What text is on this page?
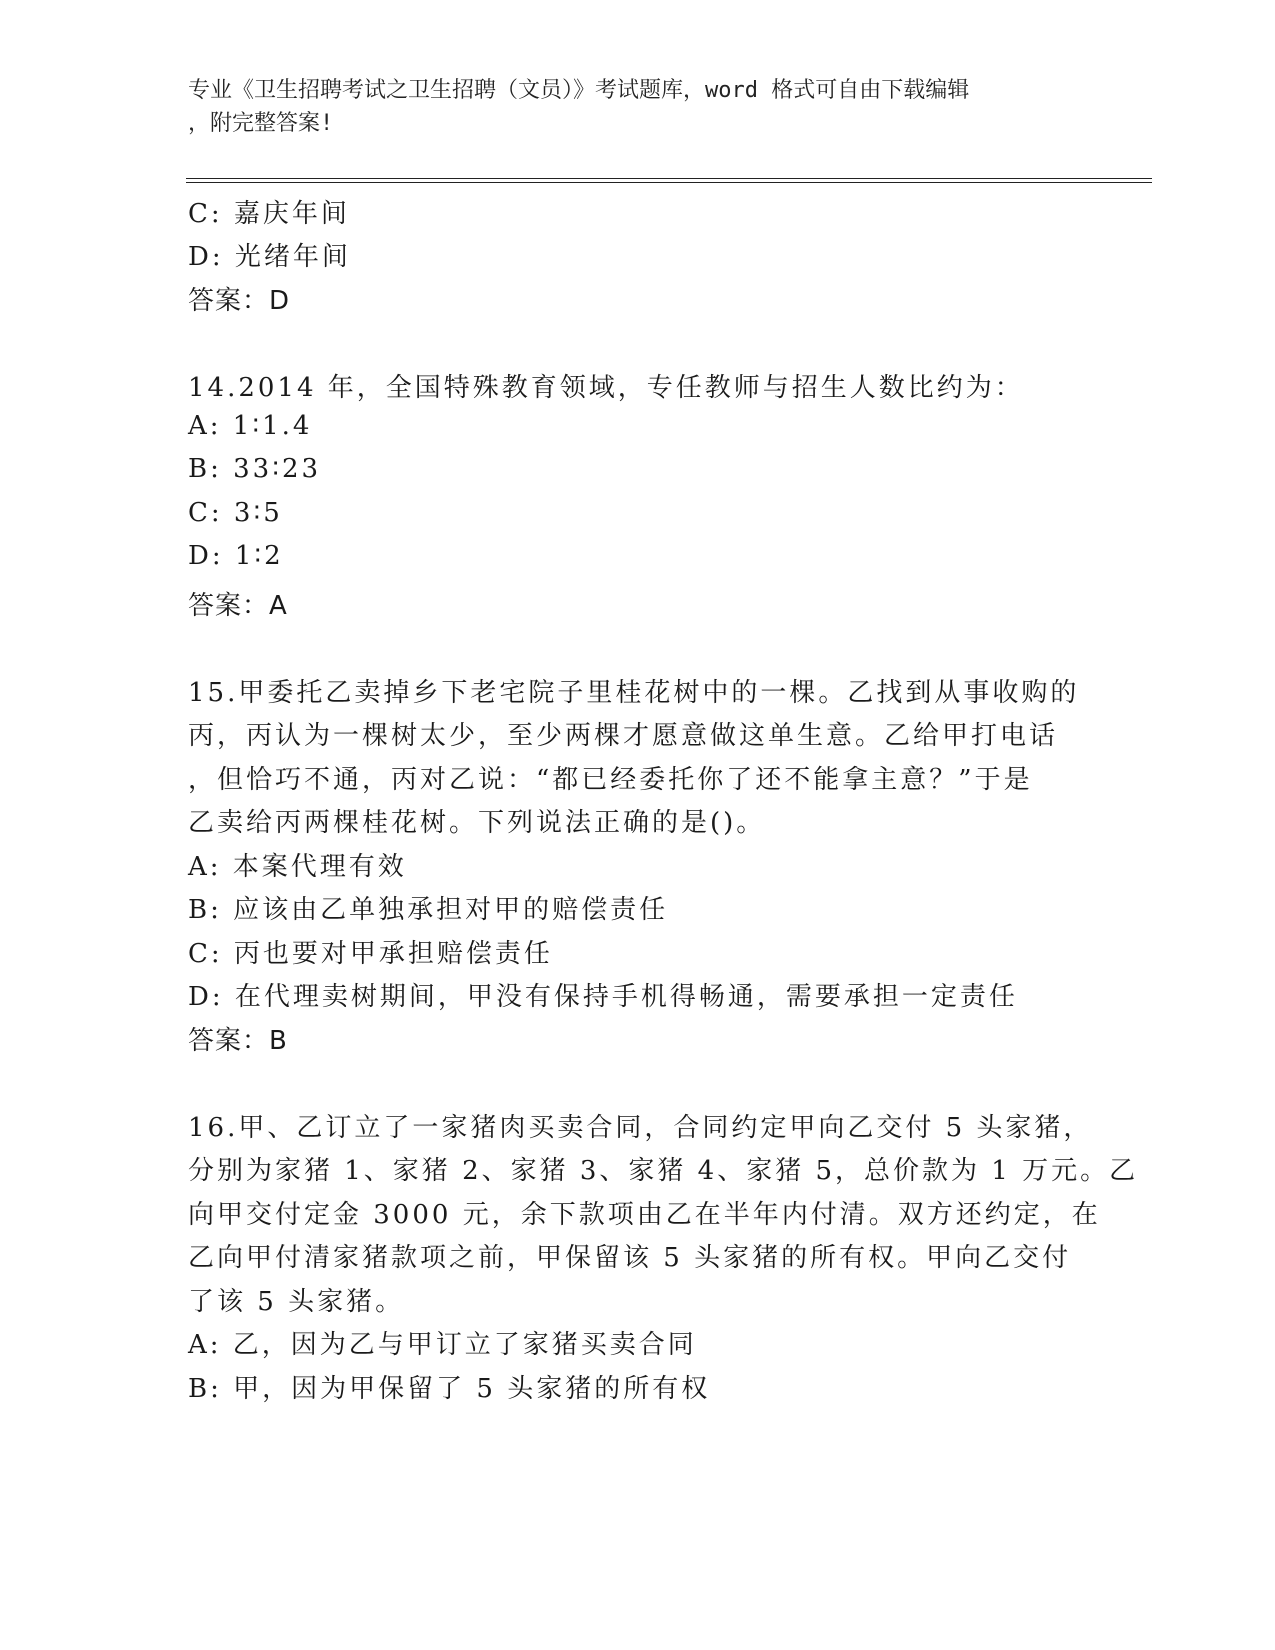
专业《卫生招聘考试之卫生招聘（文员）》考试题库，word 格式可自由下载编辑
，附完整答案!
C: 嘉庆年间
D: 光绪年间
答案：D
14.2014 年，全国特殊教育领域，专任教师与招生人数比约为：
A: 1∶1.4
B: 33∶23
C: 3∶5
D: 1∶2
答案：A
15.甲委托乙卖掉乡下老宅院子里桂花树中的一棵。乙找到从事收购的
丙，丙认为一棵树太少，至少两棵才愿意做这单生意。乙给甲打电话
，但恰巧不通，丙对乙说：“都已经委托你了还不能拿主意？”于是
乙卖给丙两棵桂花树。下列说法正确的是()。
A: 本案代理有效
B: 应该由乙单独承担对甲的赔偿责任
C: 丙也要对甲承担赔偿责任
D: 在代理卖树期间，甲没有保持手机得畅通，需要承担一定责任
答案：B
16.甲、乙订立了一家猪肉买卖合同，合同约定甲向乙交付 5 头家猪，
分别为家猪 1、家猪 2、家猪 3、家猪 4、家猪 5，总价款为 1 万元。乙
向甲交付定金 3000 元，余下款项由乙在半年内付清。双方还约定，在
乙向甲付清家猪款项之前，甲保留该 5 头家猪的所有权。甲向乙交付
了该 5 头家猪。
A: 乙，因为乙与甲订立了家猪买卖合同
B: 甲，因为甲保留了 5 头家猪的所有权
